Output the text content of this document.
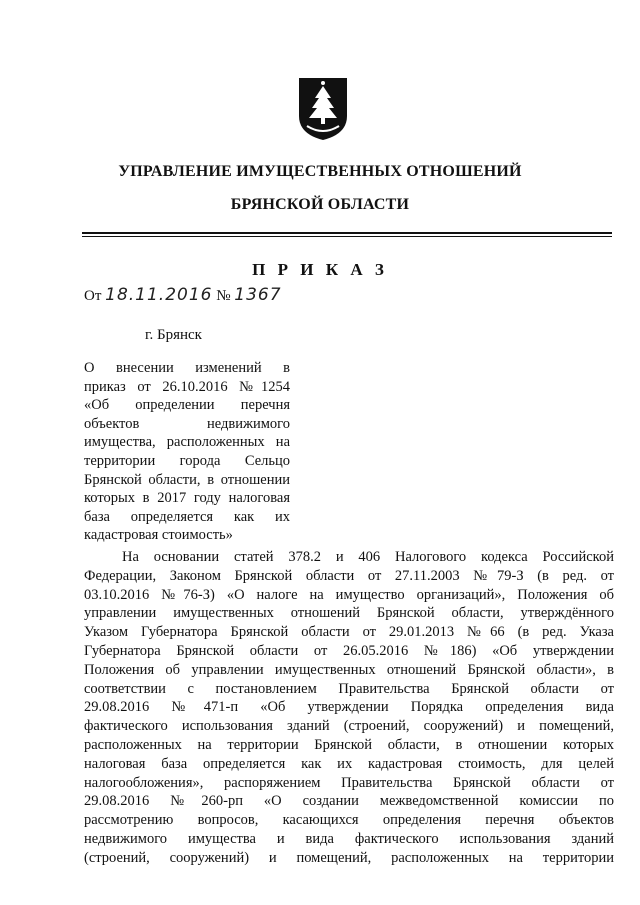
УПРАВЛЕНИЕ ИМУЩЕСТВЕННЫХ ОТНОШЕНИЙ
БРЯНСКОЙ ОБЛАСТИ
П Р И К А З
От 18.11.2016 № 1367
г. Брянск
О внесении изменений в
приказ от 26.10.2016 №1254
«Об определении перечня
объектов недвижимого
имущества, расположенных на
территории города Сельцо
Брянской области, в отношении
которых в 2017 году налоговая
база определяется как их
кадастровая стоимость»
На основании статей 378.2 и 406 Налогового кодекса Российской
Федерации, Законом Брянской области от 27.11.2003 №79-З (в ред. от
03.10.2016 №76-З) «О налоге на имущество организаций», Положения об
управлении имущественных отношений Брянской области, утверждённого
Указом Губернатора Брянской области от 29.01.2013 №66 (в ред. Указа
Губернатора Брянской области от 26.05.2016 №186) «Об утверждении
Положения об управлении имущественных отношений Брянской области», в
соответствии с постановлением Правительства Брянской области от
29.08.2016 №471-п «Об утверждении Порядка определения вида
фактического использования зданий (строений, сооружений) и помещений,
расположенных на территории Брянской области, в отношении которых
налоговая база определяется как их кадастровая стоимость, для целей
налогообложения», распоряжением Правительства Брянской области от
29.08.2016 №260-рп «О создании межведомственной комиссии по
рассмотрению вопросов, касающихся определения перечня объектов
недвижимого имущества и вида фактического использования зданий
(строений, сооружений) и помещений, расположенных на территории
